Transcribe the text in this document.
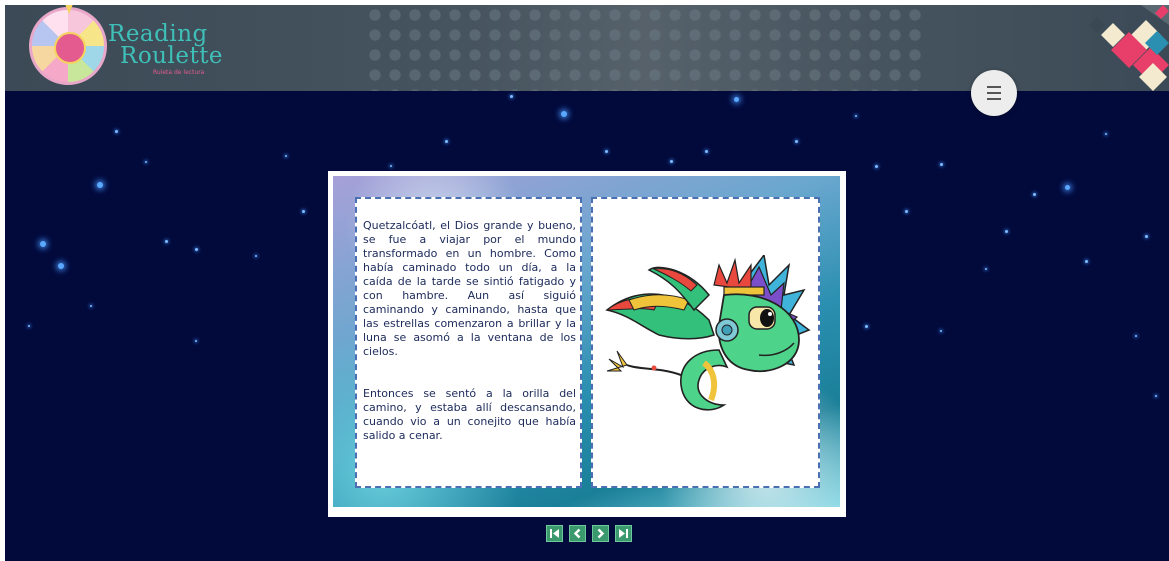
Reading
Roulette
Ruleta de lectura

Quetzalcóatl, el Dios grande y bueno, se fue a viajar por el mundo transformado en un hombre. Como había caminado todo un día, a la caída de la tarde se sintió fatigado y con hambre. Aun así siguió caminando y caminando, hasta que las estrellas comenzaron a brillar y la luna se asomó a la ventana de los cielos.

Entonces se sentó a la orilla del camino, y estaba allí descansando, cuando vio a un conejito que había salido a cenar.
